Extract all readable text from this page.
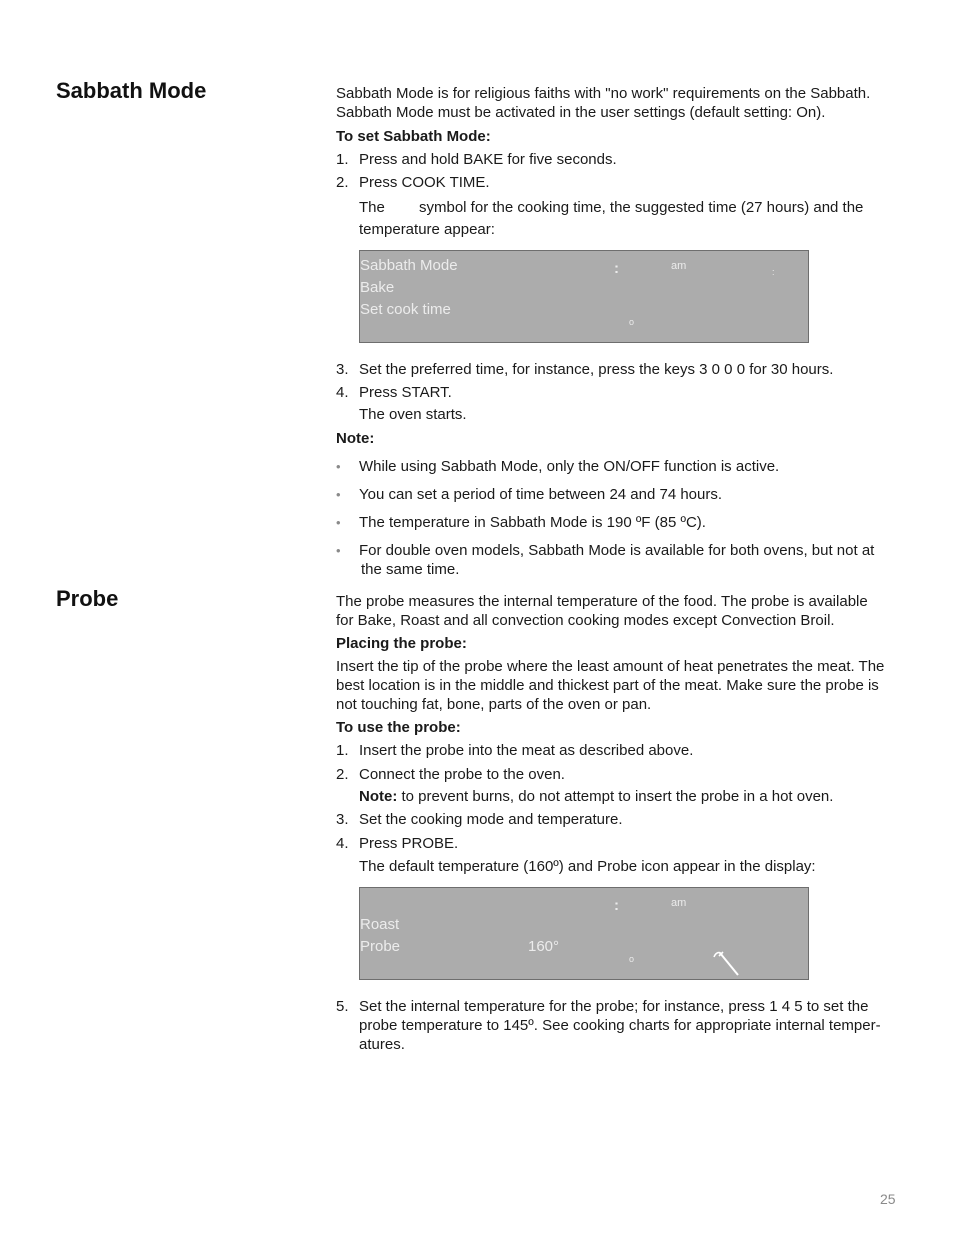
Sabbath Mode	Sabbath Mode is for religious faiths with "no work" requirements on the Sabbath.
Sabbath Mode must be activated in the user settings (default setting: On).
To set Sabbath Mode:
1. Press and hold BAKE for five seconds.
2. Press COOK TIME.
The symbol for the cooking time, the suggested time (27 hours) and the
temperature appear:
Sabbath Mode
Bake
Set cook time
:	am	:
o
3. Set the preferred time, for instance, press the keys 3 0 0 0 for 30 hours.
4. Press START.
The oven starts.
Note:
• While using Sabbath Mode, only the ON/OFF function is active.
• You can set a period of time between 24 and 74 hours.
• The temperature in Sabbath Mode is 190 ºF (85 ºC).
• For double oven models, Sabbath Mode is available for both ovens, but not at
the same time.
Probe	The probe measures the internal temperature of the food. The probe is available
for Bake, Roast and all convection cooking modes except Convection Broil.
Placing the probe:
Insert the tip of the probe where the least amount of heat penetrates the meat. The
best location is in the middle and thickest part of the meat. Make sure the probe is
not touching fat, bone, parts of the oven or pan.
To use the probe:
1. Insert the probe into the meat as described above.
2. Connect the probe to the oven.
Note: to prevent burns, do not attempt to insert the probe in a hot oven.
3. Set the cooking mode and temperature.
4. Press PROBE.
The default temperature (160º) and Probe icon appear in the display:
:	am
Roast
Probe	160°
o
5. Set the internal temperature for the probe; for instance, press 1 4 5 to set the
probe temperature to 145º. See cooking charts for appropriate internal temper-
atures.
25
